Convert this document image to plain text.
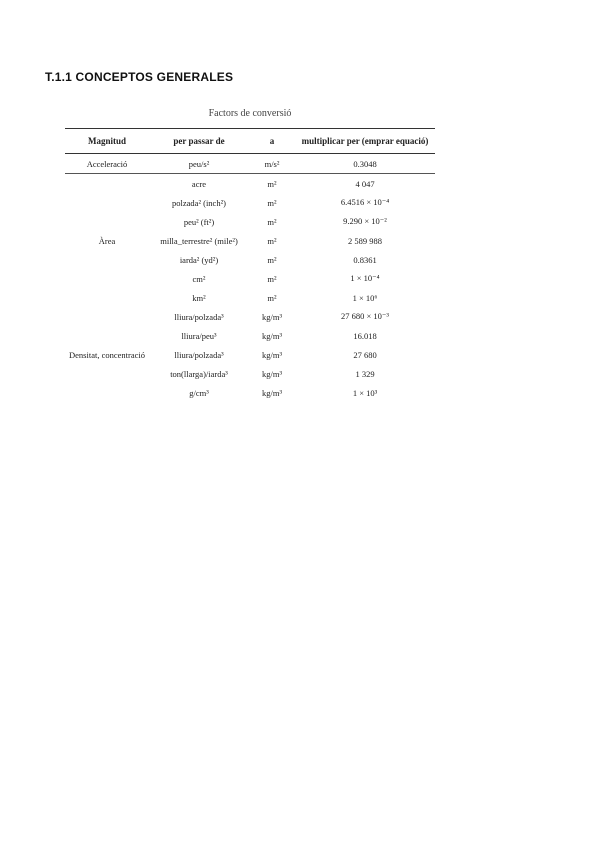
T.1.1 CONCEPTOS GENERALES
Factors de conversió
Magnitud	per passar de	a	multiplicar per (emprar equació)
Acceleració	peu/s²	m/s²	0.3048
	acre	m²	4 047
	polzada² (inch²)	m²	6.4516 × 10⁻⁴
	peu² (ft²)	m²	9.290 × 10⁻²
Àrea	milla_terrestre² (mile²)	m²	2 589 988
	iarda² (yd²)	m²	0.8361
	cm²	m²	1 × 10⁻⁴
	km²	m²	1 × 10⁶
	lliura/polzada³	kg/m³	27 680 × 10⁻³
	lliura/peu³	kg/m³	16.018
Densitat, concentració	lliura/polzada³	kg/m³	27 680
	ton(llarga)/iarda³	kg/m³	1 329
	g/cm³	kg/m³	1 × 10³
